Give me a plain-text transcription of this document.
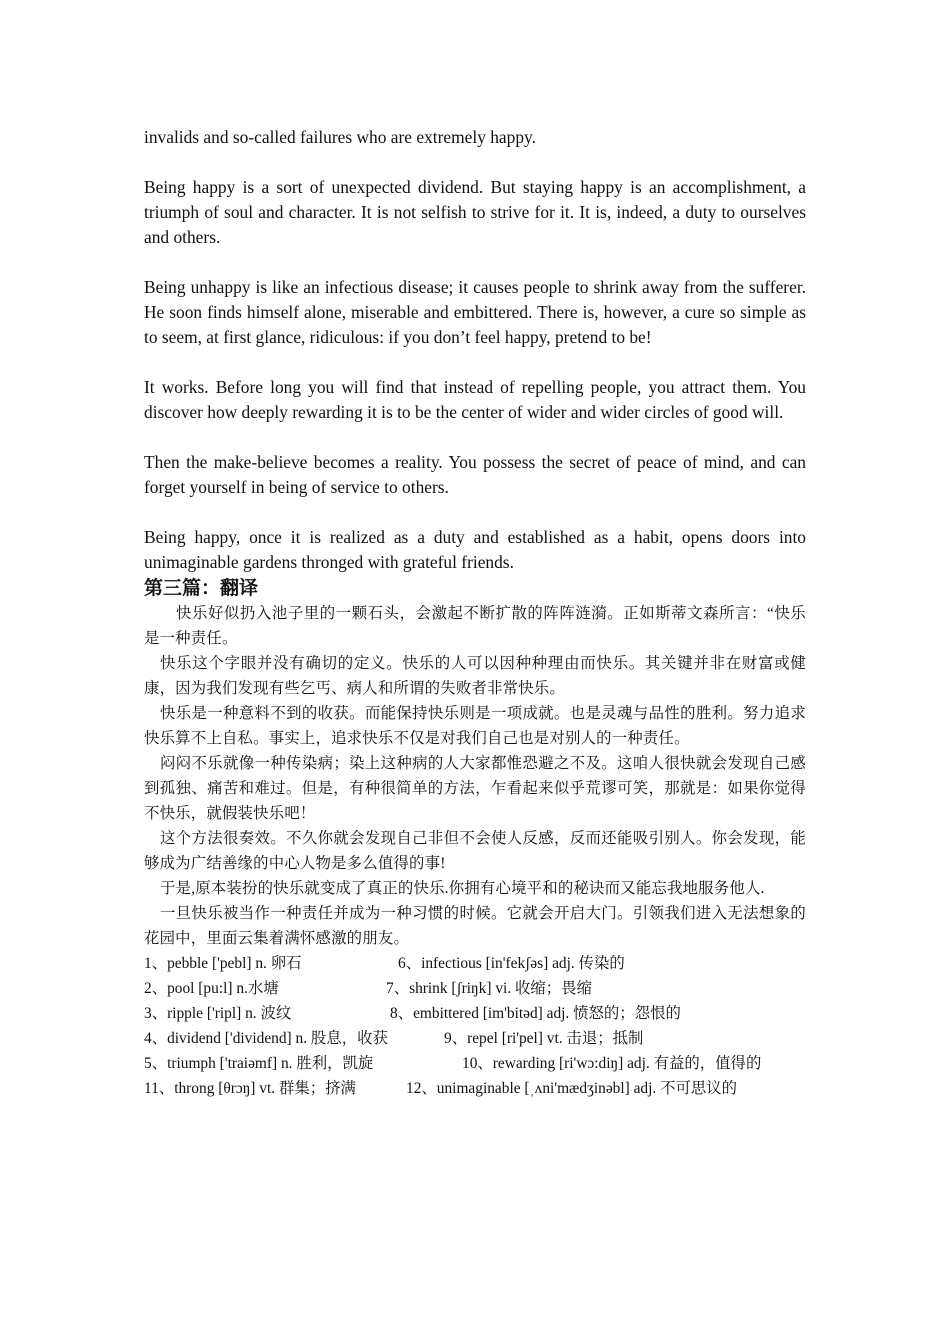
invalids and so-called failures who are extremely happy.

Being happy is a sort of unexpected dividend. But staying happy is an accomplishment, a triumph of soul and character. It is not selfish to strive for it. It is, indeed, a duty to ourselves and others.

Being unhappy is like an infectious disease; it causes people to shrink away from the sufferer. He soon finds himself alone, miserable and embittered. There is, however, a cure so simple as to seem, at first glance, ridiculous: if you don’t feel happy, pretend to be!

It works. Before long you will find that instead of repelling people, you attract them. You discover how deeply rewarding it is to be the center of wider and wider circles of good will.

Then the make-believe becomes a reality. You possess the secret of peace of mind, and can forget yourself in being of service to others.

Being happy, once it is realized as a duty and established as a habit, opens doors into unimaginable gardens thronged with grateful friends.

第三篇：翻译

快乐好似扔入池子里的一颗石头，会激起不断扩散的阵阵涟漪。正如斯蒂文森所言：“快乐是一种责任。

快乐这个字眼并没有确切的定义。快乐的人可以因种种理由而快乐。其关键并非在财富或健康，因为我们发现有些乞丐、病人和所谓的失败者非常快乐。

快乐是一种意料不到的收获。而能保持快乐则是一项成就。也是灵魂与品性的胜利。努力追求快乐算不上自私。事实上，追求快乐不仅是对我们自己也是对别人的一种责任。

闷闷不乐就像一种传染病；染上这种病的人大家都惟恐避之不及。这咱人很快就会发现自己感到孤独、痛苦和难过。但是，有种很简单的方法，乍看起来似乎荒谬可笑，那就是：如果你觉得不快乐，就假装快乐吧！

这个方法很奏效。不久你就会发现自己非但不会使人反感，反而还能吸引别人。你会发现，能够成为广结善缘的中心人物是多么值得的事!

于是,原本装扮的快乐就变成了真正的快乐.你拥有心境平和的秘诀而又能忘我地服务他人.

一旦快乐被当作一种责任并成为一种习惯的时候。它就会开启大门。引领我们进入无法想象的花园中，里面云集着满怀感激的朋友。

1、pebble ['pebl] n. 卵石	6、infectious [in'fekʃəs] adj. 传染的
2、pool [pu:l] n.水塘	7、shrink [ʃriŋk] vi. 收缩；畏缩
3、ripple ['ripl] n. 波纹	8、embittered [im'bitəd] adj. 愤怒的；怨恨的
4、dividend ['dividend] n. 股息，收获	9、repel [ri'pel] vt. 击退；抵制
5、triumph ['traiəmf] n. 胜利，凯旋	10、rewarding [ri'wɔ:diŋ] adj. 有益的，值得的
11、throng [θrɔŋ] vt. 群集；挤满	12、unimaginable [ˌʌni'mædʒinəbl] adj. 不可思议的
